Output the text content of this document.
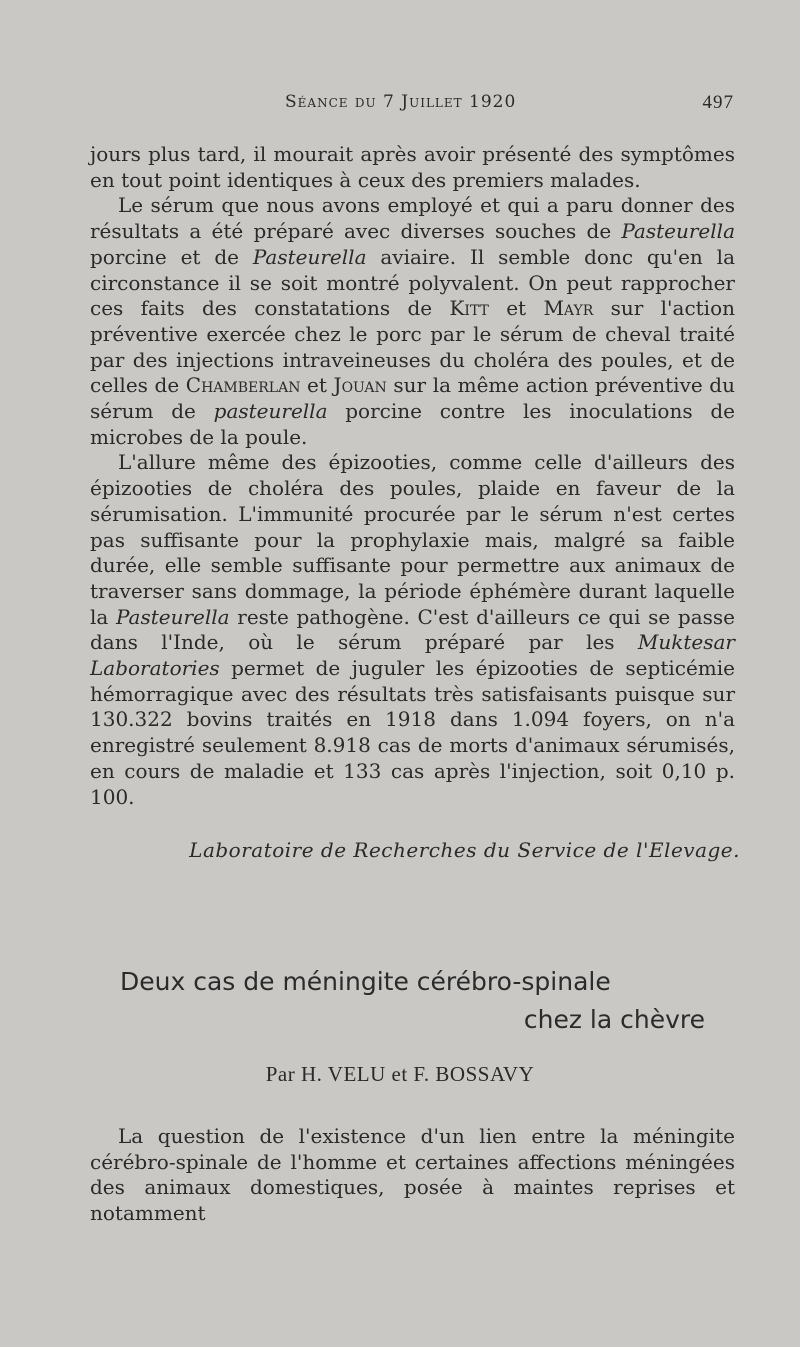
Séance du 7 Juillet 1920	497

jours plus tard, il mourait après avoir présenté des symptômes en tout point identiques à ceux des premiers malades.

Le sérum que nous avons employé et qui a paru donner des résultats a été préparé avec diverses souches de Pasteurella porcine et de Pasteurella aviaire. Il semble donc qu'en la circonstance il se soit montré polyvalent. On peut rapprocher ces faits des constatations de Kitt et Mayr sur l'action préventive exercée chez le porc par le sérum de cheval traité par des injections intraveineuses du choléra des poules, et de celles de Chamberlan et Jouan sur la même action préventive du sérum de pasteurella porcine contre les inoculations de microbes de la poule.

L'allure même des épizooties, comme celle d'ailleurs des épizooties de choléra des poules, plaide en faveur de la sérumisation. L'immunité procurée par le sérum n'est certes pas suffisante pour la prophylaxie mais, malgré sa faible durée, elle semble suffisante pour permettre aux animaux de traverser sans dommage, la période éphémère durant laquelle la Pasteurella reste pathogène. C'est d'ailleurs ce qui se passe dans l'Inde, où le sérum préparé par les Muktesar Laboratories permet de juguler les épizooties de septicémie hémorragique avec des résultats très satisfaisants puisque sur 130.322 bovins traités en 1918 dans 1.094 foyers, on n'a enregistré seulement 8.918 cas de morts d'animaux sérumisés, en cours de maladie et 133 cas après l'injection, soit 0,10 p. 100.

Laboratoire de Recherches du Service de l'Elevage.
Deux cas de méningite cérébro-spinale
chez la chèvre
Par H. VELU et F. BOSSAVY

La question de l'existence d'un lien entre la méningite cérébro-spinale de l'homme et certaines affections méningées des animaux domestiques, posée à maintes reprises et notamment
